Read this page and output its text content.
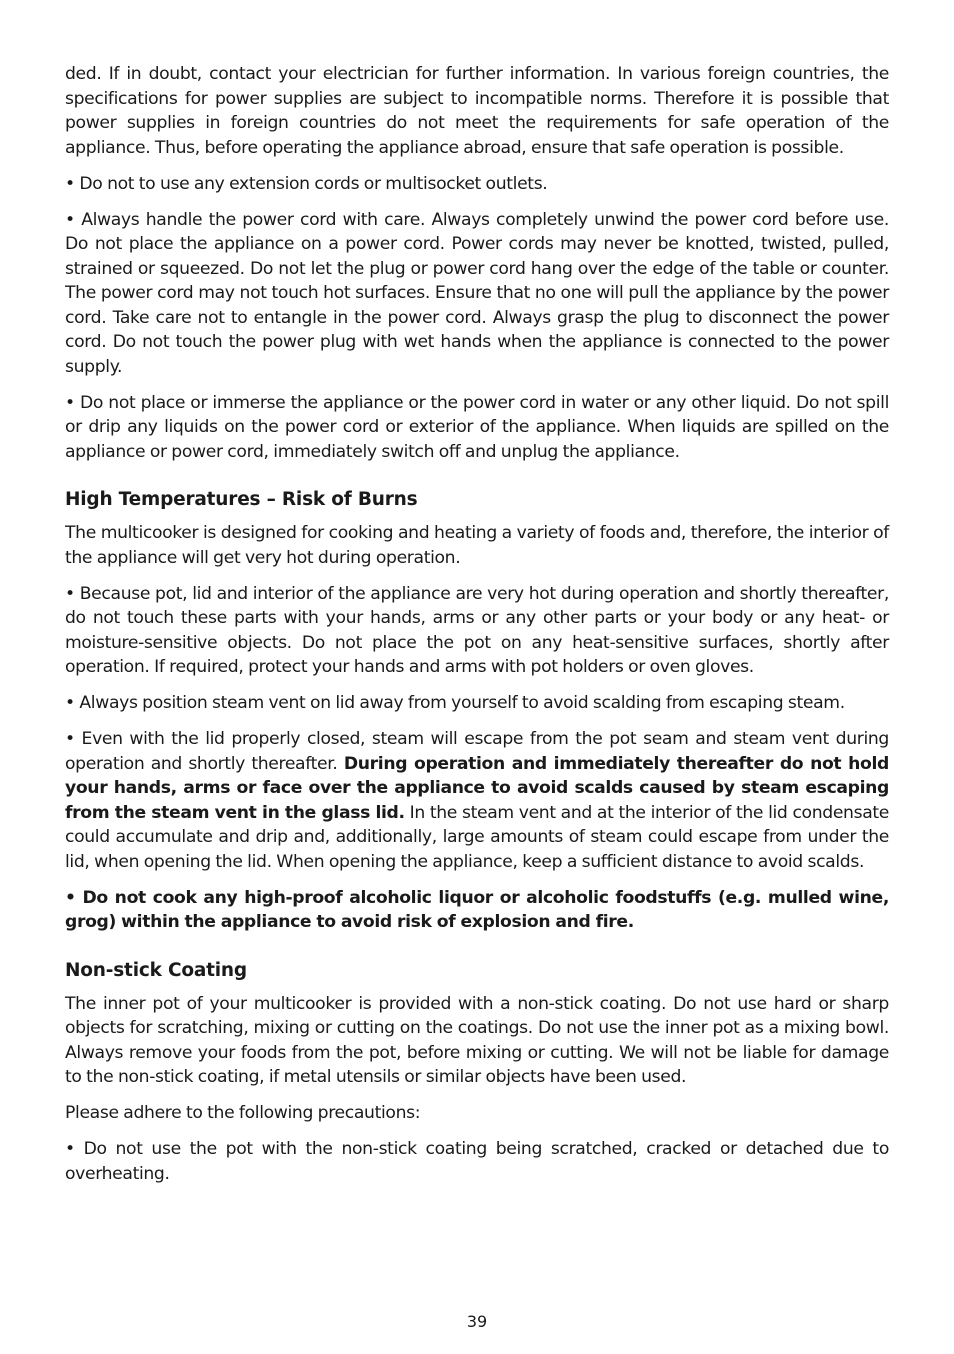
ded. If in doubt, contact your electrician for further information. In various foreign countries, the specifications for power supplies are subject to incompatible norms. Therefore it is possible that power supplies in foreign countries do not meet the requirements for safe operation of the appliance. Thus, before operating the appliance abroad, ensure that safe operation is possible.

• Do not to use any extension cords or multisocket outlets.

• Always handle the power cord with care. Always completely unwind the power cord before use. Do not place the appliance on a power cord. Power cords may never be knotted, twisted, pulled, strained or squeezed. Do not let the plug or power cord hang over the edge of the table or counter. The power cord may not touch hot surfaces. Ensure that no one will pull the appliance by the power cord. Take care not to entangle in the power cord. Always grasp the plug to disconnect the power cord. Do not touch the power plug with wet hands when the appliance is connected to the power supply.

• Do not place or immerse the appliance or the power cord in water or any other liquid. Do not spill or drip any liquids on the power cord or exterior of the appliance. When liquids are spilled on the appliance or power cord, immediately switch off and unplug the appliance.

High Temperatures – Risk of Burns

The multicooker is designed for cooking and heating a variety of foods and, therefore, the interior of the appliance will get very hot during operation.

• Because pot, lid and interior of the appliance are very hot during operation and shortly thereafter, do not touch these parts with your hands, arms or any other parts or your body or any heat- or moisture-sensitive objects. Do not place the pot on any heat-sensitive surfaces, shortly after operation. If required, protect your hands and arms with pot holders or oven gloves.

• Always position steam vent on lid away from yourself to avoid scalding from escaping steam.

• Even with the lid properly closed, steam will escape from the pot seam and steam vent during operation and shortly thereafter. During operation and immediately thereafter do not hold your hands, arms or face over the appliance to avoid scalds caused by steam escaping from the steam vent in the glass lid. In the steam vent and at the interior of the lid condensate could accumulate and drip and, additionally, large amounts of steam could escape from under the lid, when opening the lid. When opening the appliance, keep a sufficient distance to avoid scalds.

• Do not cook any high-proof alcoholic liquor or alcoholic foodstuffs (e.g. mulled wine, grog) within the appliance to avoid risk of explosion and fire.

Non-stick Coating

The inner pot of your multicooker is provided with a non-stick coating. Do not use hard or sharp objects for scratching, mixing or cutting on the coatings. Do not use the inner pot as a mixing bowl. Always remove your foods from the pot, before mixing or cutting. We will not be liable for damage to the non-stick coating, if metal utensils or similar objects have been used.

Please adhere to the following precautions:

• Do not use the pot with the non-stick coating being scratched, cracked or detached due to overheating.

39
